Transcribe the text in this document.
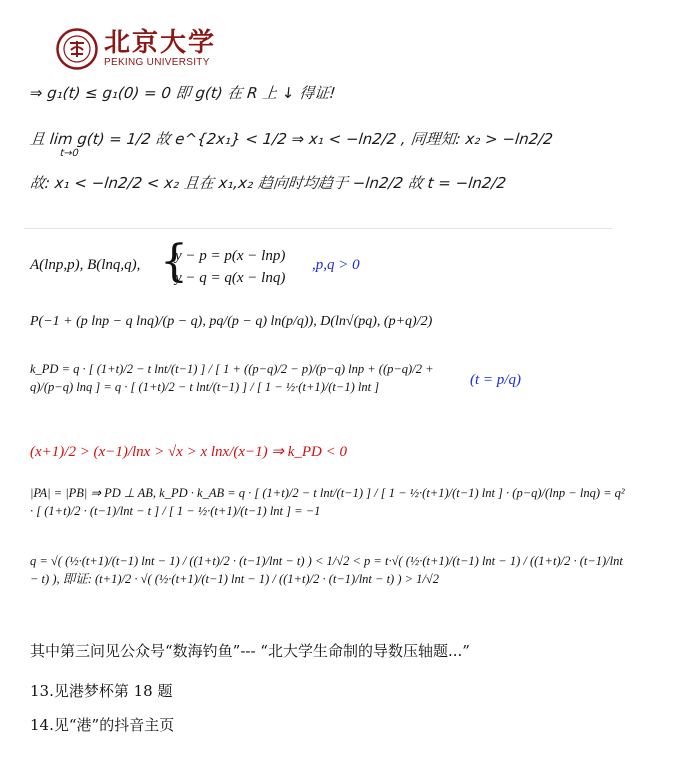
北京大学
PEKING UNIVERSITY
⇒ g₁(t) ≤ g₁(0) = 0 即 g(t) 在 R 上 ↓ 得证!
且 lim g(t) = 1/2 故 e^{2x₁} < 1/2 ⇒ x₁ < −ln2/2 , 同理知: x₂ > −ln2/2
t→0
故: x₁ < −ln2/2 < x₂ 且在 x₁,x₂ 趋向时均趋于 −ln2/2 故 t = −ln2/2
A(lnp,p), B(lnq,q), {
y − p = p(x − lnp)
y − q = q(x − lnq)
,p,q > 0
P(−1 + (p lnp − q lnq)/(p − q), pq/(p − q) ln(p/q)), D(ln√(pq), (p+q)/2)
k_PD = q · [ (1+t)/2 − t lnt/(t−1) ] / [ 1 + ((p−q)/2 − p)/(p−q) lnp + ((p−q)/2 + q)/(p−q) lnq ] = q · [ (1+t)/2 − t lnt/(t−1) ] / [ 1 − ½·(t+1)/(t−1) lnt ]	(t = p/q)
(x+1)/2 > (x−1)/lnx > √x > x lnx/(x−1) ⇒ k_PD < 0
|PA| = |PB| ⇒ PD ⊥ AB, k_PD · k_AB = q · [ (1+t)/2 − t lnt/(t−1) ] / [ 1 − ½·(t+1)/(t−1) lnt ] · (p−q)/(lnp − lnq) = q² · [ (1+t)/2 · (t−1)/lnt − t ] / [ 1 − ½·(t+1)/(t−1) lnt ] = −1
q = √( (½·(t+1)/(t−1) lnt − 1) / ((1+t)/2 · (t−1)/lnt − t) ) < 1/√2 < p = t·√( (½·(t+1)/(t−1) lnt − 1) / ((1+t)/2 · (t−1)/lnt − t) ), 即证: (t+1)/2 · √( (½·(t+1)/(t−1) lnt − 1) / ((1+t)/2 · (t−1)/lnt − t) ) > 1/√2
其中第三问见公众号“数海钓鱼”--- “北大学生命制的导数压轴题...”
13.见港梦杯第 18 题
14.见“港”的抖音主页
